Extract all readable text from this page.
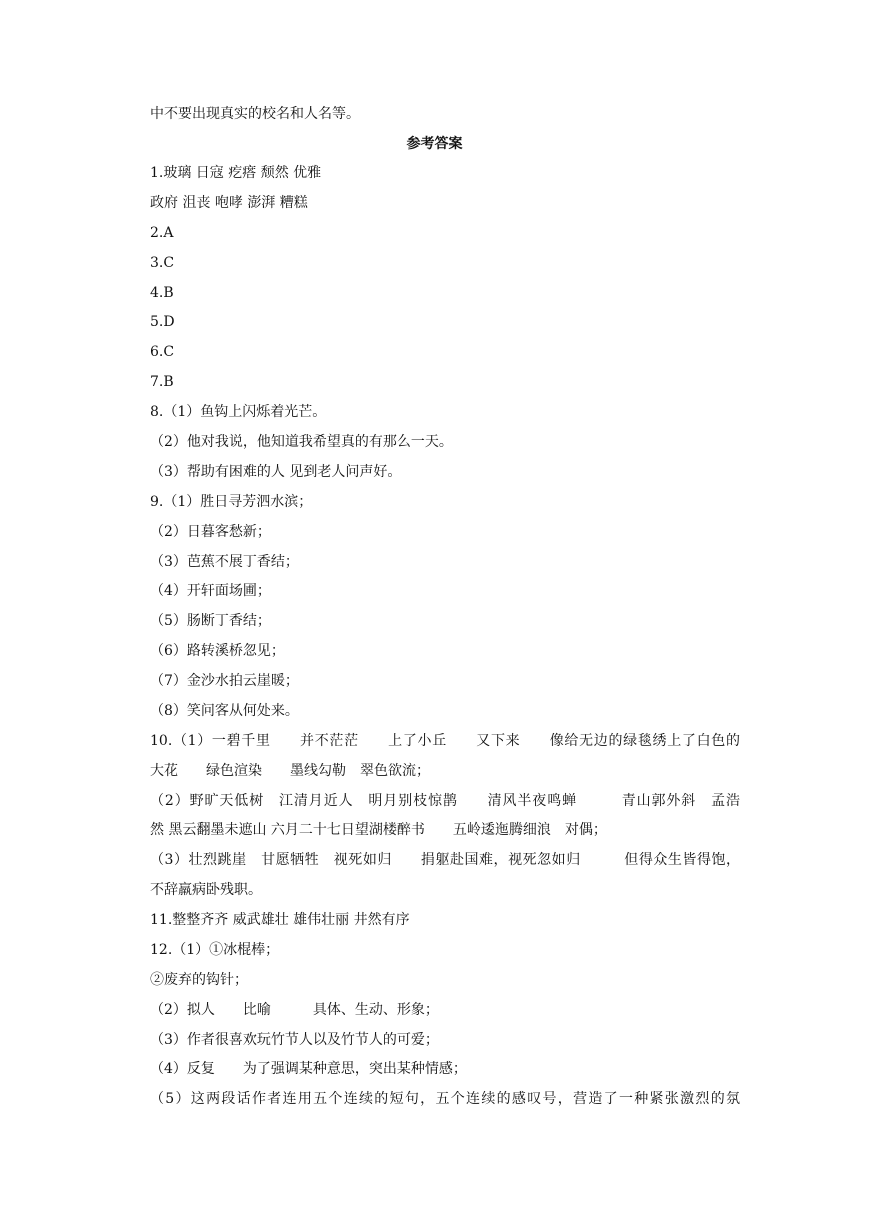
中不要出现真实的校名和人名等。
参考答案
1.玻璃 日寇 疙瘩 颓然 优雅
政府 沮丧 咆哮 澎湃 糟糕
2.A
3.C
4.B
5.D
6.C
7.B
8.（1）鱼钩上闪烁着光芒。
（2）他对我说，他知道我希望真的有那么一天。
（3）帮助有困难的人 见到老人问声好。
9.（1）胜日寻芳泗水滨；
（2）日暮客愁新；
（3）芭蕉不展丁香结；
（4）开轩面场圃；
（5）肠断丁香结；
（6）路转溪桥忽见；
（7）金沙水拍云崖暖；
（8）笑问客从何处来。
10.（1）一碧千里　　并不茫茫　　上了小丘　　又下来　　像给无边的绿毯绣上了白色的
大花　　绿色渲染　　墨线勾勒　翠色欲流；
（2）野旷天低树　江清月近人　明月别枝惊鹊　　清风半夜鸣蝉　　　青山郭外斜　孟浩
然 黑云翻墨未遮山 六月二十七日望湖楼醉书　　五岭逶迤腾细浪　对偶；
（3）壮烈跳崖　甘愿牺牲　视死如归　　捐躯赴国难，视死忽如归　　　但得众生皆得饱，
不辞羸病卧残职。
11.整整齐齐 威武雄壮 雄伟壮丽 井然有序
12.（1）①冰棍棒；
②废弃的钩针；
（2）拟人　　比喻　　　具体、生动、形象；
（3）作者很喜欢玩竹节人以及竹节人的可爱；
（4）反复　　为了强调某种意思，突出某种情感；
（5）这两段话作者连用五个连续的短句，五个连续的感叹号，营造了一种紧张激烈的氛
